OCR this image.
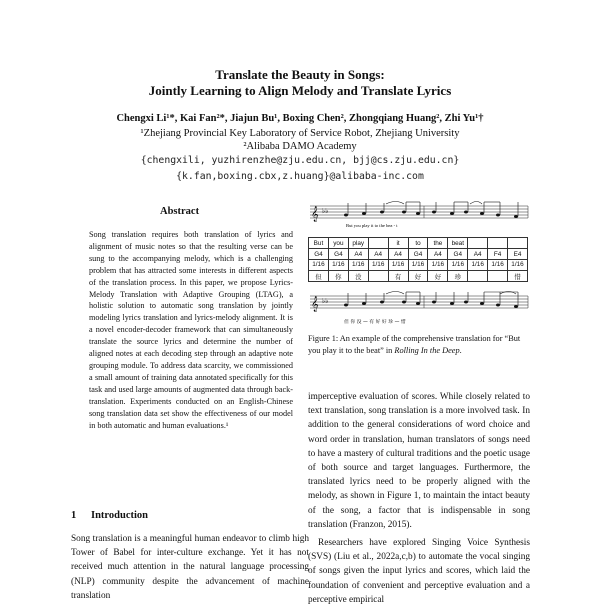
Translate the Beauty in Songs:
Jointly Learning to Align Melody and Translate Lyrics
Chengxi Li¹*, Kai Fan²*, Jiajun Bu¹, Boxing Chen², Zhongqiang Huang², Zhi Yu¹†
¹Zhejiang Provincial Key Laboratory of Service Robot, Zhejiang University
²Alibaba DAMO Academy
{chengxili, yuzhirenzhe@zju.edu.cn, bjj@cs.zju.edu.cn}
{k.fan,boxing.cbx,z.huang}@alibaba-inc.com
Abstract

Song translation requires both translation of lyrics and alignment of music notes so that the resulting verse can be sung to the accompanying melody, which is a challenging problem that has attracted some interests in different aspects of the translation process. In this paper, we propose Lyrics-Melody Translation with Adaptive Grouping (LTAG), a holistic solution to automatic song translation by jointly modeling lyrics translation and lyrics-melody alignment. It is a novel encoder-decoder framework that can simultaneously translate the source lyrics and determine the number of aligned notes at each decoding step through an adaptive note grouping module. To address data scarcity, we commissioned a small amount of training data annotated specifically for this task and used large amounts of augmented data through back-translation. Experiments conducted on an English-Chinese song translation data set show the effectiveness of our model in both automatic and human evaluations.¹

1 Introduction

Song translation is a meaningful human endeavor to climb high Tower of Babel for inter-culture exchange. Yet it has not received much attention in the natural language processing (NLP) community despite the advancement of machine translation

𝄞 ♭♭
But you play it to the bea - t
𝄞 ♭♭
但 你 没 — 有 好 好 珍 — 惜
But	you	play		it	to	the	beat			
G4	G4	A4	A4	A4	G4	A4	G4	A4	F4	E4
1/16	1/16	1/16	1/16	1/16	1/16	1/16	1/16	1/16	1/16	1/16
但	你	没		有	好	好	珍			惜
Figure 1: An example of the comprehensive translation for “But you play it to the beat” in Rolling In the Deep.

imperceptive evaluation of scores. While closely related to text translation, song translation is a more involved task. In addition to the general considerations of word choice and word order in translation, human translators of songs need to have a mastery of cultural traditions and the poetic usage of both source and target languages. Furthermore, the translated lyrics need to be properly aligned with the melody, as shown in Figure 1, to maintain the intact beauty of the song, a factor that is indispensable in song translation (Franzon, 2015).

Researchers have explored Singing Voice Synthesis (SVS) (Liu et al., 2022a,c,b) to automate the vocal singing of songs given the input lyrics and scores, which laid the foundation of convenient and perceptive evaluation and a perceptive empirical
